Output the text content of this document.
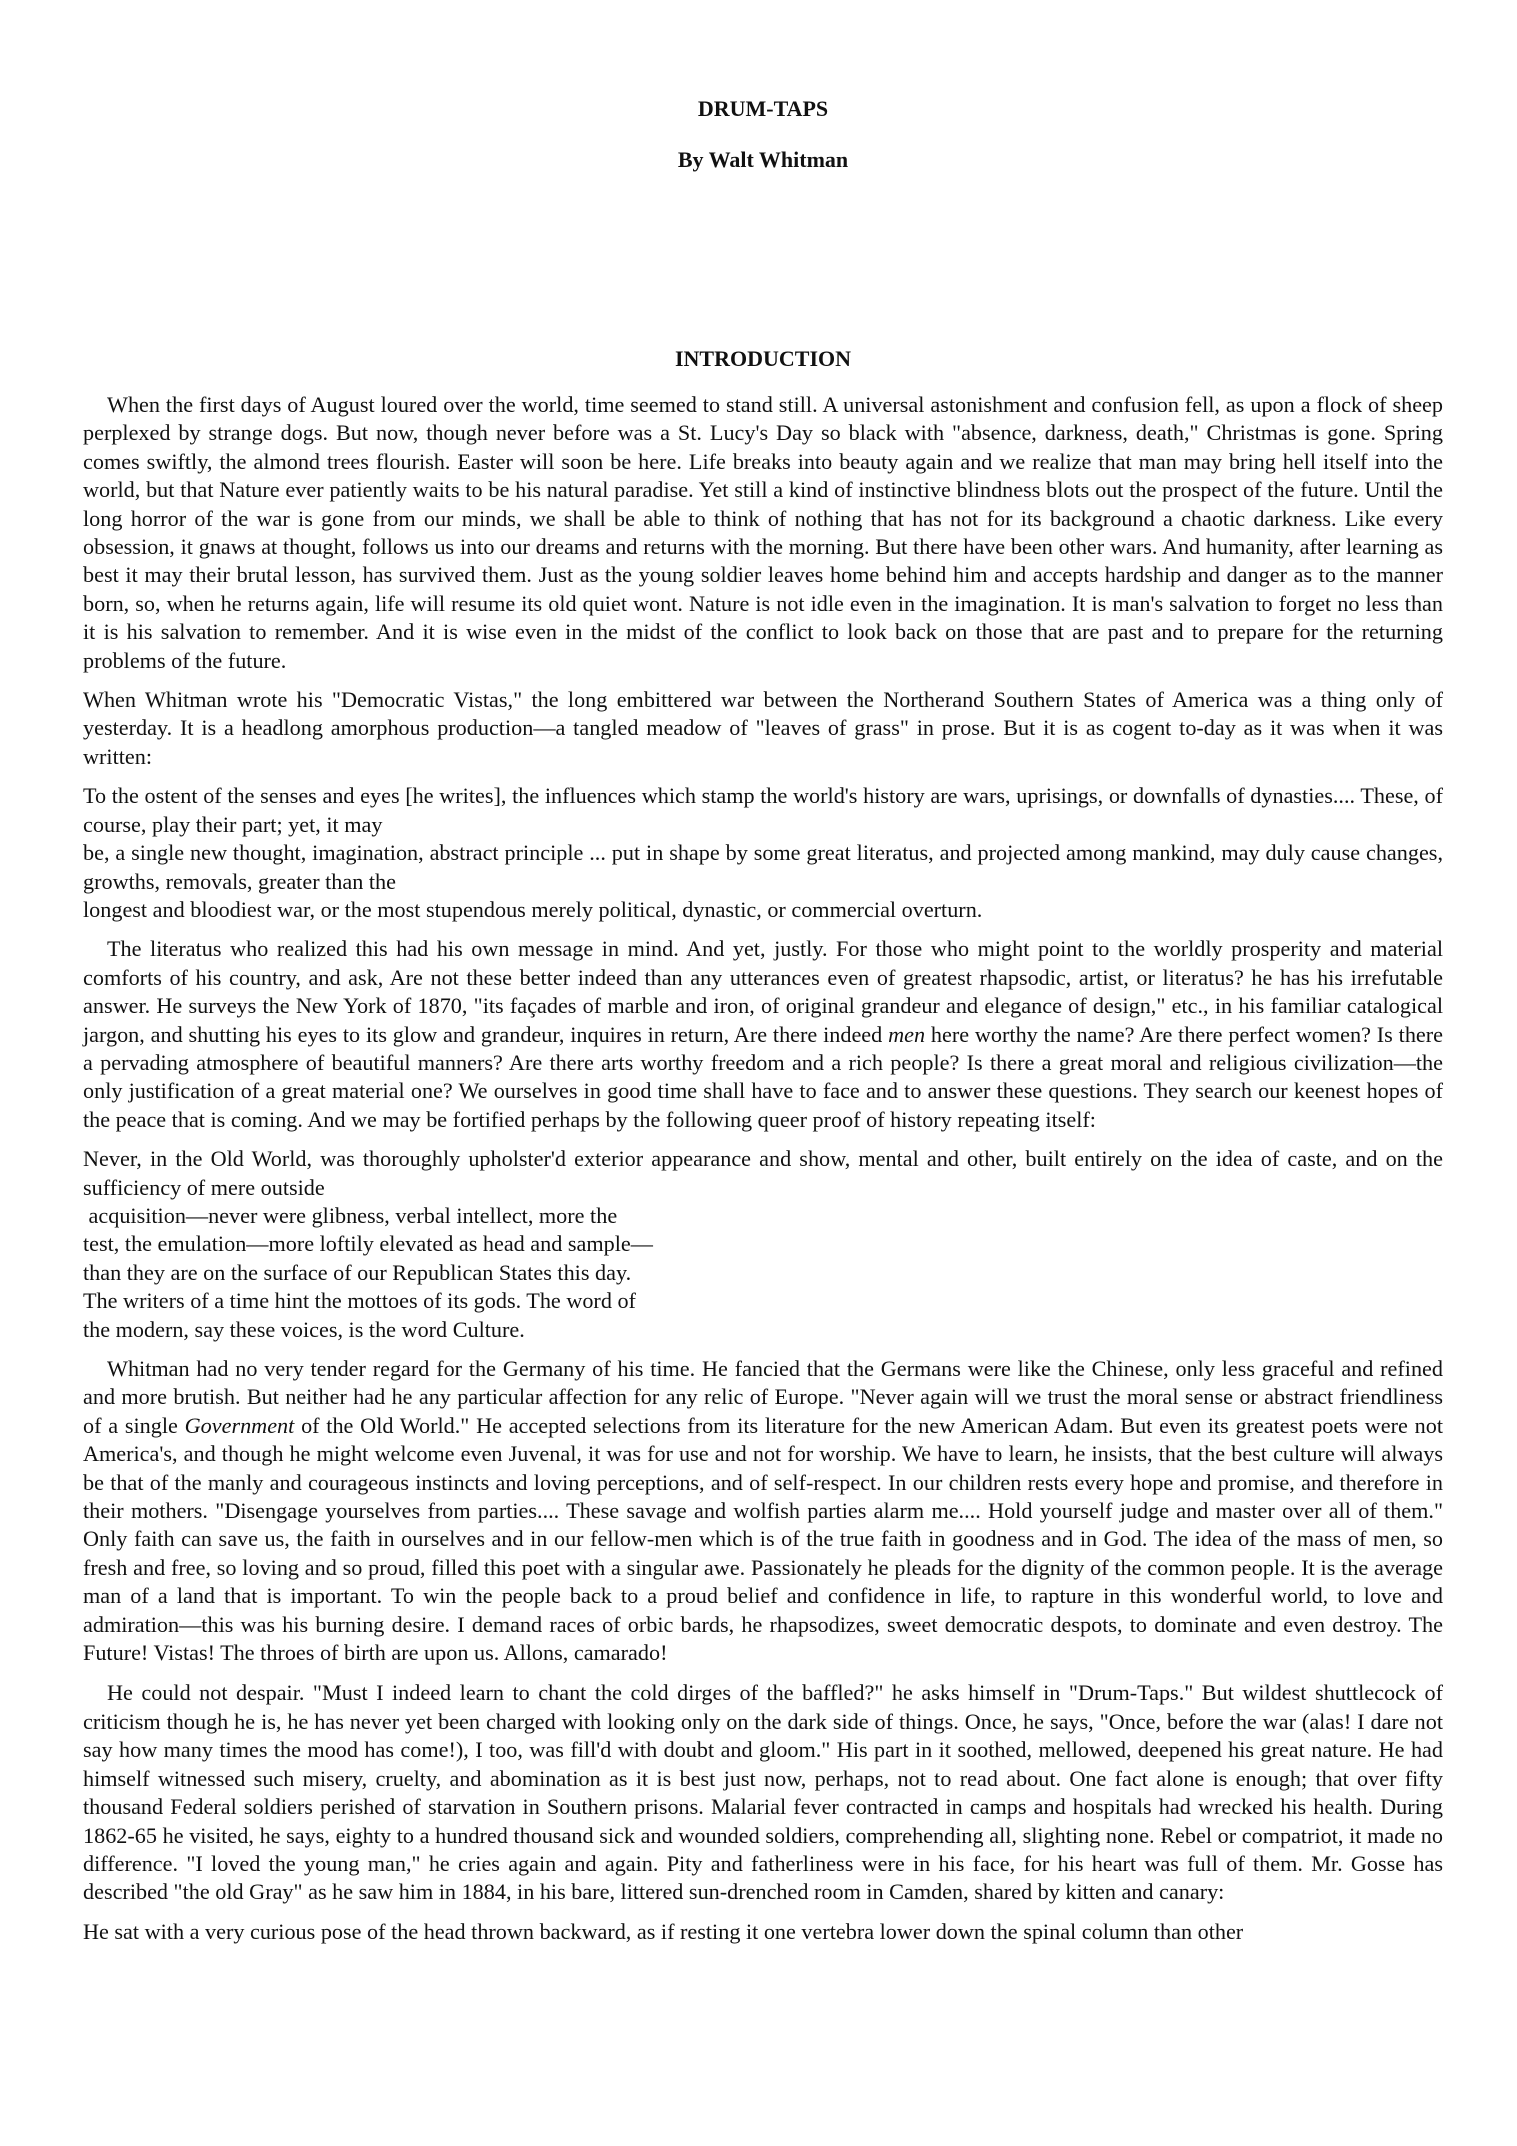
DRUM-TAPS
By Walt Whitman
INTRODUCTION

When the first days of August loured over the world, time seemed to stand still. A universal astonishment and confusion fell, as upon a flock of sheep perplexed by strange dogs. But now, though never before was a St. Lucy's Day so black with "absence, darkness, death," Christmas is gone. Spring comes swiftly, the almond trees flourish. Easter will soon be here. Life breaks into beauty again and we realize that man may bring hell itself into the world, but that Nature ever patiently waits to be his natural paradise. Yet still a kind of instinctive blindness blots out the prospect of the future. Until the long horror of the war is gone from our minds, we shall be able to think of nothing that has not for its background a chaotic darkness. Like every obsession, it gnaws at thought, follows us into our dreams and returns with the morning. But there have been other wars. And humanity, after learning as best it may their brutal lesson, has survived them. Just as the young soldier leaves home behind him and accepts hardship and danger as to the manner born, so, when he returns again, life will resume its old quiet wont. Nature is not idle even in the imagination. It is man's salvation to forget no less than it is his salvation to remember. And it is wise even in the midst of the conflict to look back on those that are past and to prepare for the returning problems of the future.

When Whitman wrote his "Democratic Vistas," the long embittered war between the Northerand Southern States of America was a thing only of yesterday. It is a headlong amorphous production—a tangled meadow of "leaves of grass" in prose. But it is as cogent to-day as it was when it was written:

To the ostent of the senses and eyes [he writes], the influences which stamp the world's history are wars, uprisings, or downfalls of dynasties.... These, of course, play their part; yet, it may

be, a single new thought, imagination, abstract principle ... put in shape by some great literatus, and projected among mankind, may duly cause changes, growths, removals, greater than the

longest and bloodiest war, or the most stupendous merely political, dynastic, or commercial overturn.

The literatus who realized this had his own message in mind. And yet, justly. For those who might point to the worldly prosperity and material comforts of his country, and ask, Are not these better indeed than any utterances even of greatest rhapsodic, artist, or literatus? he has his irrefutable answer. He surveys the New York of 1870, "its façades of marble and iron, of original grandeur and elegance of design," etc., in his familiar catalogical jargon, and shutting his eyes to its glow and grandeur, inquires in return, Are there indeed men here worthy the name? Are there perfect women? Is there a pervading atmosphere of beautiful manners? Are there arts worthy freedom and a rich people? Is there a great moral and religious civilization—the only justification of a great material one? We ourselves in good time shall have to face and to answer these questions. They search our keenest hopes of the peace that is coming. And we may be fortified perhaps by the following queer proof of history repeating itself:

Never, in the Old World, was thoroughly upholster'd exterior appearance and show, mental and other, built entirely on the idea of caste, and on the sufficiency of mere outside

acquisition—never were glibness, verbal intellect, more the
test, the emulation—more loftily elevated as head and sample—
than they are on the surface of our Republican States this day.
The writers of a time hint the mottoes of its gods. The word of
the modern, say these voices, is the word Culture.

Whitman had no very tender regard for the Germany of his time. He fancied that the Germans were like the Chinese, only less graceful and refined and more brutish. But neither had he any particular affection for any relic of Europe. "Never again will we trust the moral sense or abstract friendliness of a single Government of the Old World." He accepted selections from its literature for the new American Adam. But even its greatest poets were not America's, and though he might welcome even Juvenal, it was for use and not for worship. We have to learn, he insists, that the best culture will always be that of the manly and courageous instincts and loving perceptions, and of self-respect. In our children rests every hope and promise, and therefore in their mothers. "Disengage yourselves from parties.... These savage and wolfish parties alarm me.... Hold yourself judge and master over all of them." Only faith can save us, the faith in ourselves and in our fellow-men which is of the true faith in goodness and in God. The idea of the mass of men, so fresh and free, so loving and so proud, filled this poet with a singular awe. Passionately he pleads for the dignity of the common people. It is the average man of a land that is important. To win the people back to a proud belief and confidence in life, to rapture in this wonderful world, to love and admiration—this was his burning desire. I demand races of orbic bards, he rhapsodizes, sweet democratic despots, to dominate and even destroy. The Future! Vistas! The throes of birth are upon us. Allons, camarado!

He could not despair. "Must I indeed learn to chant the cold dirges of the baffled?" he asks himself in "Drum-Taps." But wildest shuttlecock of criticism though he is, he has never yet been charged with looking only on the dark side of things. Once, he says, "Once, before the war (alas! I dare not say how many times the mood has come!), I too, was fill'd with doubt and gloom." His part in it soothed, mellowed, deepened his great nature. He had himself witnessed such misery, cruelty, and abomination as it is best just now, perhaps, not to read about. One fact alone is enough; that over fifty thousand Federal soldiers perished of starvation in Southern prisons. Malarial fever contracted in camps and hospitals had wrecked his health. During 1862-65 he visited, he says, eighty to a hundred thousand sick and wounded soldiers, comprehending all, slighting none. Rebel or compatriot, it made no difference. "I loved the young man," he cries again and again. Pity and fatherliness were in his face, for his heart was full of them. Mr. Gosse has described "the old Gray" as he saw him in 1884, in his bare, littered sun-drenched room in Camden, shared by kitten and canary:

He sat with a very curious pose of the head thrown backward, as if resting it one vertebra lower down the spinal column than other
